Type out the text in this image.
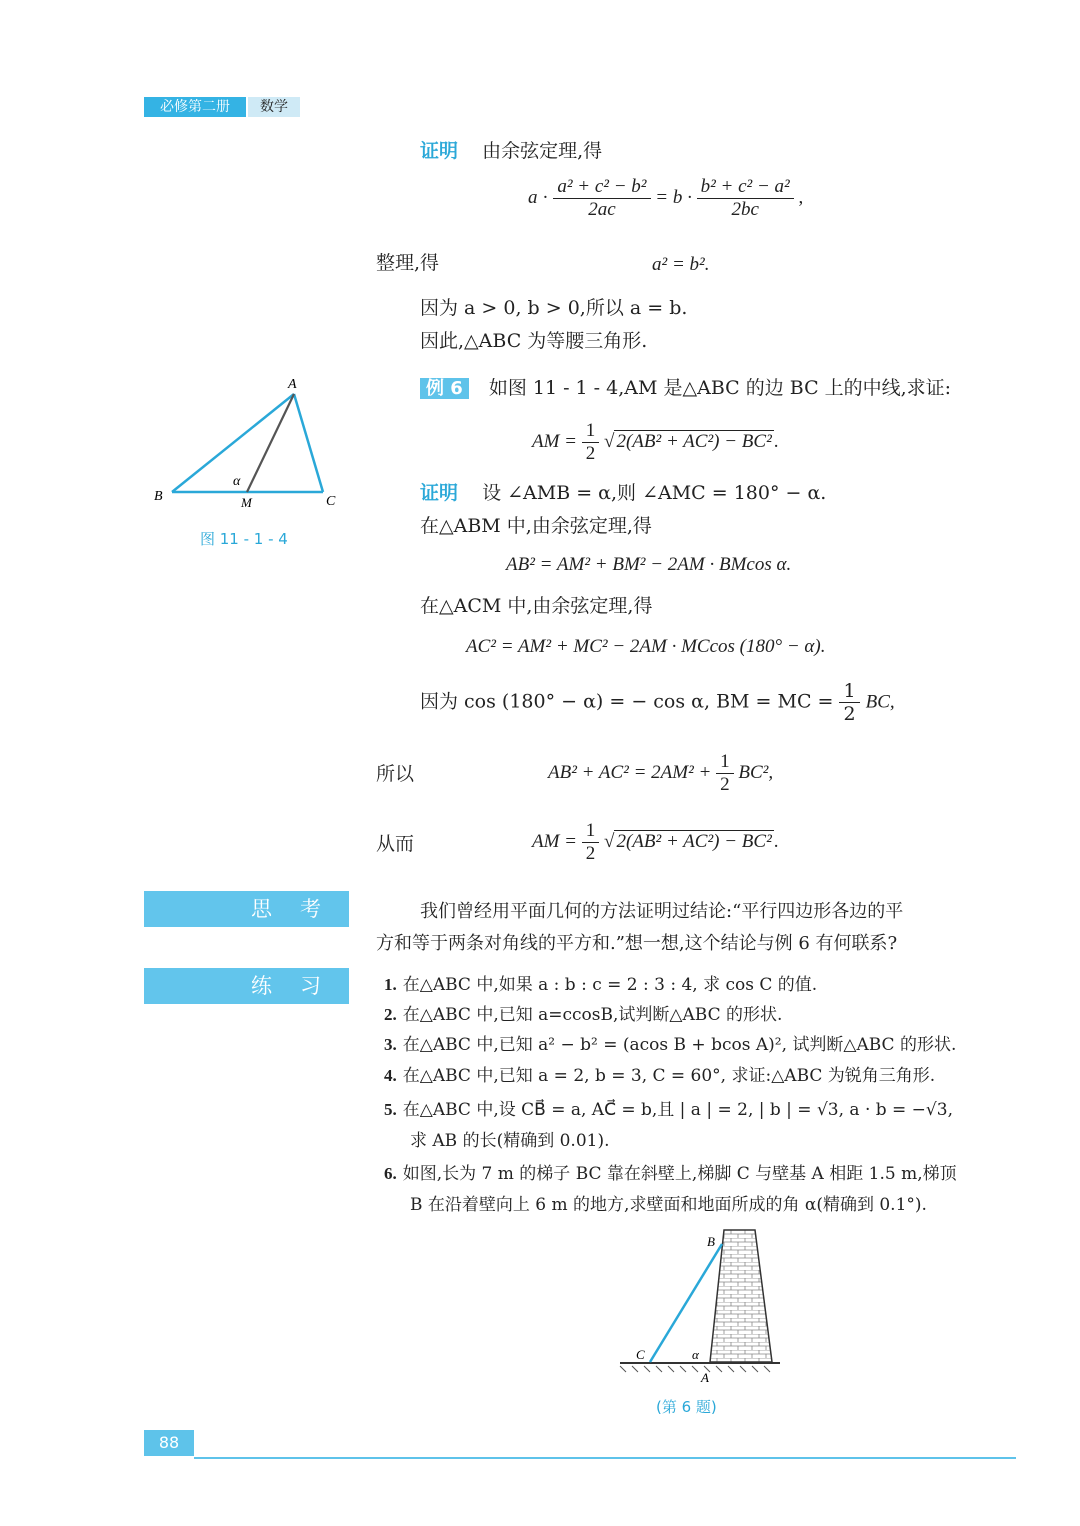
必修第二册	数学
证明 由余弦定理,得
$a \cdot \frac{\text{a² + c² − b²}}{2ac} = b \cdot \frac{\text{b² + c² − a²}}{2bc}$ ,
整理,得	a² = b².
因为 a > 0, b > 0,所以 a = b.
因此,△ABC 为等腰三角形.
A
B	C
M
α
图 11 - 1 - 4
例 6 如图 11 - 1 - 4,AM 是△ABC 的边 BC 上的中线,求证:
AM = $\frac{1}{2}$ √ 2(AB² + AC²) − BC² .
证明 设 ∠AMB = α,则 ∠AMC = 180° − α.
在△ABM 中,由余弦定理,得
AB² = AM² + BM² − 2AM · BMcos α.
在△ACM 中,由余弦定理,得
AC² = AM² + MC² − 2AM · MCcos (180° − α).
因为 cos (180° − α) = − cos α, BM = MC = $\frac{1}{2}$ BC,
所以	$AB^2 + AC^2 = 2AM^2 + \frac{1}{2} BC^2$,
从而	AM = $\frac{1}{2}$ √ 2(AB² + AC²) − BC² .
思考	我们曾经用平面几何的方法证明过结论:“平行四边形各边的平
方和等于两条对角线的平方和.”想一想,这个结论与例 6 有何联系?
练习 1. 在△ABC 中,如果 a : b : c = 2 : 3 : 4, 求 cos C 的值.
2. 在△ABC 中,已知 a=ccosB,试判断△ABC 的形状.
3. 在△ABC 中,已知 a² − b² = (acos B + bcos A)², 试判断△ABC 的形状.
4. 在△ABC 中,已知 a = 2, b = 3, C = 60°, 求证:△ABC 为锐角三角形.
5. 在△ABC 中,设 CB⃗ = a, AC⃗ = b,且 | a | = 2, | b | = √3, a · b = −√3,
求 AB 的长(精确到 0.01).
6. 如图,长为 7 m 的梯子 BC 靠在斜壁上,梯脚 C 与壁基 A 相距 1.5 m,梯顶
B 在沿着壁向上 6 m 的地方,求壁面和地面所成的角 α(精确到 0.1°).
B
C	α
A
(第 6 题)
88
